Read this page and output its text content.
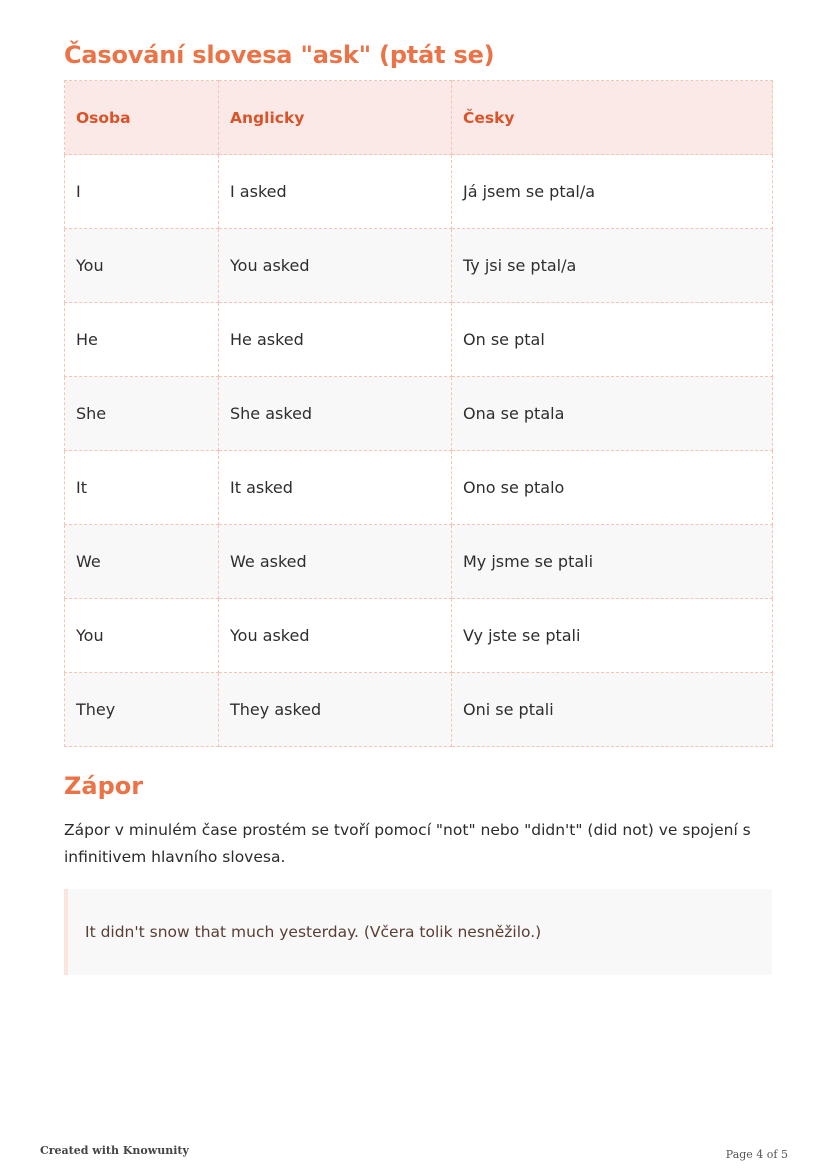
Časování slovesa "ask" (ptát se)
Osoba	Anglicky	Česky
I	I asked	Já jsem se ptal/a
You	You asked	Ty jsi se ptal/a
He	He asked	On se ptal
She	She asked	Ona se ptala
It	It asked	Ono se ptalo
We	We asked	My jsme se ptali
You	You asked	Vy jste se ptali
They	They asked	Oni se ptali
Zápor

Zápor v minulém čase prostém se tvoří pomocí "not" nebo "didn't" (did not) ve spojení s infinitivem hlavního slovesa.

It didn't snow that much yesterday. (Včera tolik nesněžilo.)
Created with Knowunity	Page 4 of 5
